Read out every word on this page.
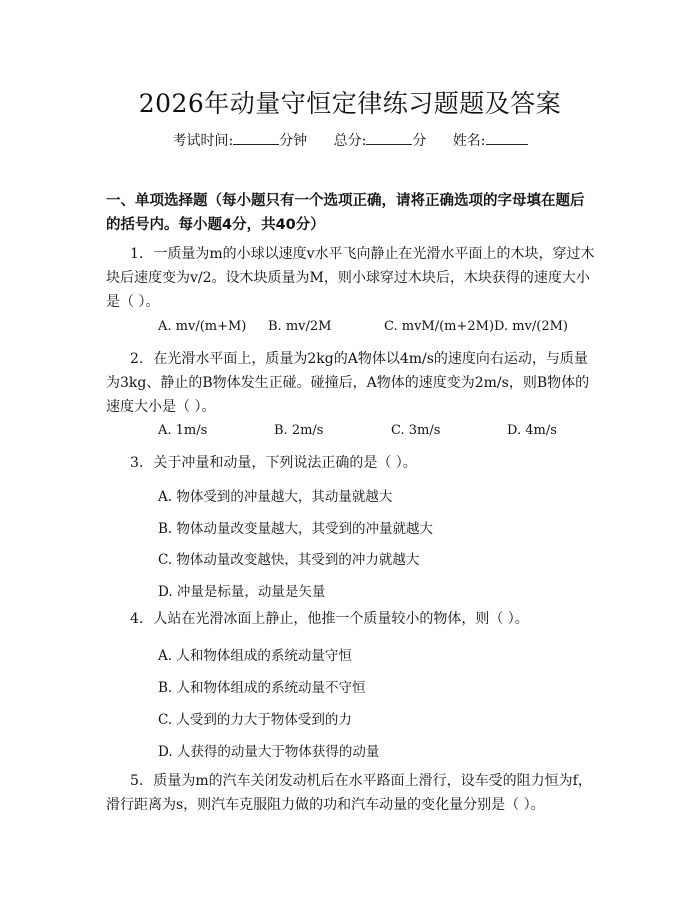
2026年动量守恒定律练习题题及答案
考试时间:	分钟 总分:	分 姓名:
一、单项选择题（每小题只有一个选项正确，请将正确选项的字母填在题后的括号内。每小题4分，共40分）
1. 一质量为m的小球以速度v水平飞向静止在光滑水平面上的木块，穿过木块后速度变为v/2。设木块质量为M，则小球穿过木块后，木块获得的速度大小是（ ）。
A. mv/(m+M) B. mv/2M	C. mvM/(m+2M) D. mv/(2M)
2. 在光滑水平面上，质量为2kg的A物体以4m/s的速度向右运动，与质量为3kg、静止的B物体发生正碰。碰撞后，A物体的速度变为2m/s，则B物体的速度大小是（ ）。
A. 1m/s	B. 2m/s	C. 3m/s	D. 4m/s
3. 关于冲量和动量，下列说法正确的是（ ）。
A. 物体受到的冲量越大，其动量就越大
B. 物体动量改变量越大，其受到的冲量就越大
C. 物体动量改变越快，其受到的冲力就越大
D. 冲量是标量，动量是矢量
4. 人站在光滑冰面上静止，他推一个质量较小的物体，则（ ）。
A. 人和物体组成的系统动量守恒
B. 人和物体组成的系统动量不守恒
C. 人受到的力大于物体受到的力
D. 人获得的动量大于物体获得的动量
5. 质量为m的汽车关闭发动机后在水平路面上滑行，设车受的阻力恒为f，滑行距离为s，则汽车克服阻力做的功和汽车动量的变化量分别是（ ）。
